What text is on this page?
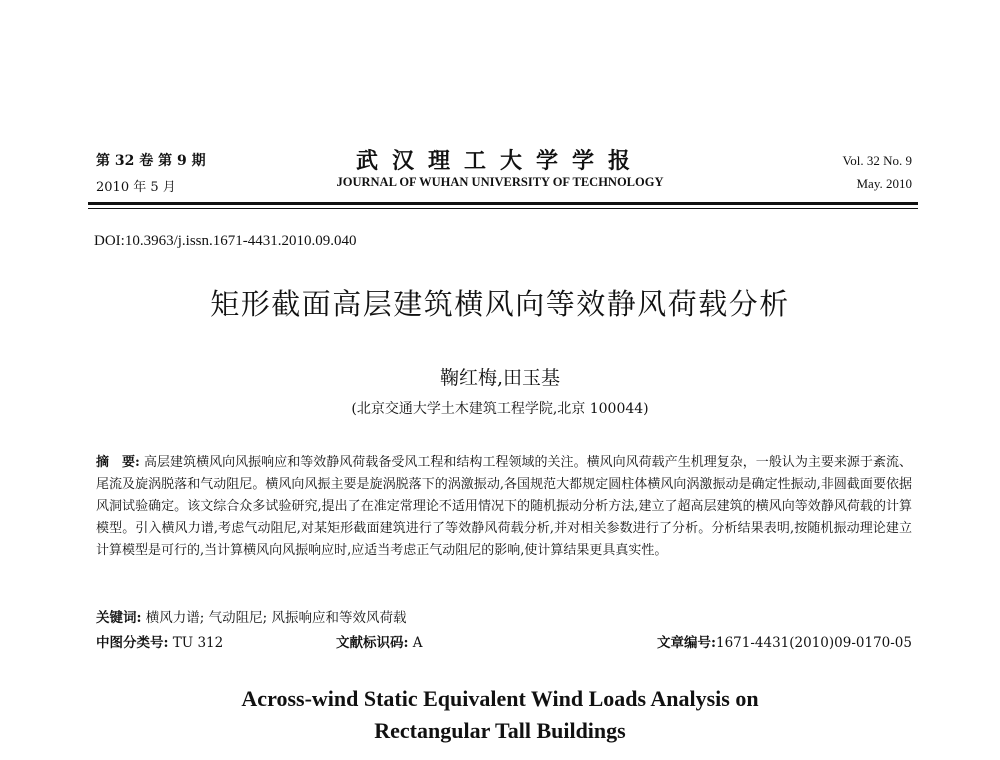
第 32 卷 第 9 期
2010 年 5 月
武汉理工大学学报
JOURNAL OF WUHAN UNIVERSITY OF TECHNOLOGY
Vol. 32 No. 9
May. 2010
DOI:10.3963/j.issn.1671-4431.2010.09.040
矩形截面高层建筑横风向等效静风荷载分析
鞠红梅,田玉基
(北京交通大学土木建筑工程学院,北京 100044)
摘　要: 高层建筑横风向风振响应和等效静风荷载备受风工程和结构工程领域的关注。横风向风荷载产生机理复杂，一般认为主要来源于紊流、尾流及旋涡脱落和气动阻尼。横风向风振主要是旋涡脱落下的涡激振动,各国规范大都规定圆柱体横风向涡激振动是确定性振动,非圆截面要依据风洞试验确定。该文综合众多试验研究,提出了在准定常理论不适用情况下的随机振动分析方法,建立了超高层建筑的横风向等效静风荷载的计算模型。引入横风力谱,考虑气动阻尼,对某矩形截面建筑进行了等效静风荷载分析,并对相关参数进行了分析。分析结果表明,按随机振动理论建立计算模型是可行的,当计算横风向风振响应时,应适当考虑正气动阻尼的影响,使计算结果更具真实性。
关键词: 横风力谱; 气动阻尼; 风振响应和等效风荷载
中图分类号: TU 312	文献标识码: A	文章编号:1671-4431(2010)09-0170-05
Across-wind Static Equivalent Wind Loads Analysis on
Rectangular Tall Buildings
